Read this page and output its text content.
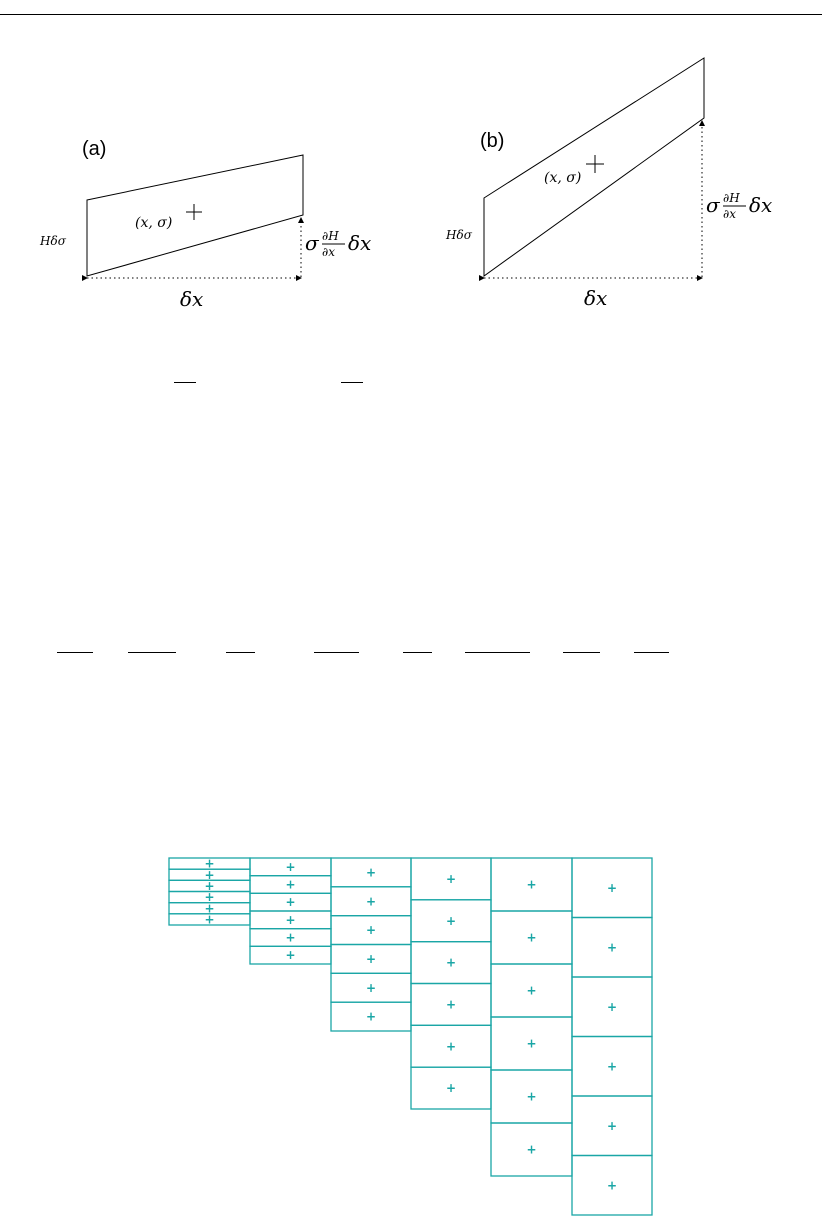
(a)
Hδσ
(x, σ)
δx
σ ∂H
∂x δx
(b)
Hδσ
(x, σ)
δx
σ ∂H
∂x δx
+
+
+
+
+
+
+
+
+
+
+
+
+
+
+
+
+
+
+
+
+
+
+
+
+
+
+
+
+
+
+
+
+
+
+
+
